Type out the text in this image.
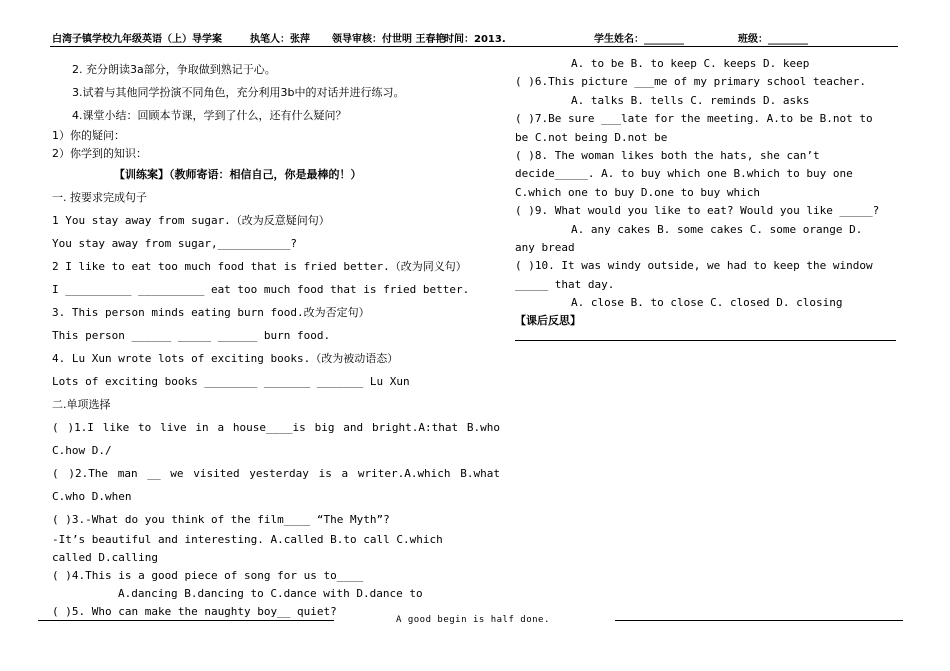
白湾子镇学校九年级英语（上）导学案	执笔人：张萍 领导审核：付世明 王春艳
时间：2013.	学生姓名：________	班级：________
2. 充分朗读3a部分，争取做到熟记于心。
3.试着与其他同学扮演不同角色，充分利用3b中的对话并进行练习。
4.课堂小结：回顾本节课，学到了什么，还有什么疑问？
1）你的疑问：
2）你学到的知识：
【训练案】（教师寄语：相信自己，你是最棒的！）
一. 按要求完成句子
1 You stay away from sugar.（改为反意疑问句）
You stay away from sugar,___________?
2 I like to eat too much food that is fried better.（改为同义句）
I __________ __________ eat too much food that is fried better.
3. This person minds eating burn food.改为否定句）
This person ______ _____ ______ burn food.
4. Lu Xun wrote lots of exciting books.（改为被动语态）
Lots of exciting books ________ _______ _______ Lu Xun
二.单项选择
( )1.I like to live in a house____is big and bright.A:that B.who
C.how D./
( )2.The man __ we visited yesterday is a writer.A.which B.what
C.who D.when
( )3.-What do you think of the film____ “The Myth”?
-It’s beautiful and interesting. A.called B.to call C.which
called D.calling
( )4.This is a good piece of song for us to____
A.dancing B.dancing to C.dance with D.dance to
( )5. Who can make the naughty boy__ quiet?
A. to be B. to keep C. keeps D. keep
( )6.This picture ___me of my primary school teacher.
A. talks B. tells C. reminds D. asks
( )7.Be sure ___late for the meeting. A.to be B.not to
be C.not being D.not be
( )8. The woman likes both the hats, she can’t
decide_____. A. to buy which one B.which to buy one
C.which one to buy D.one to buy which
( )9. What would you like to eat? Would you like _____?
A. any cakes B. some cakes C. some orange D.
any bread
( )10. It was windy outside, we had to keep the window
_____ that day.
A. close B. to close C. closed D. closing
【课后反思】
A good begin is half done.
